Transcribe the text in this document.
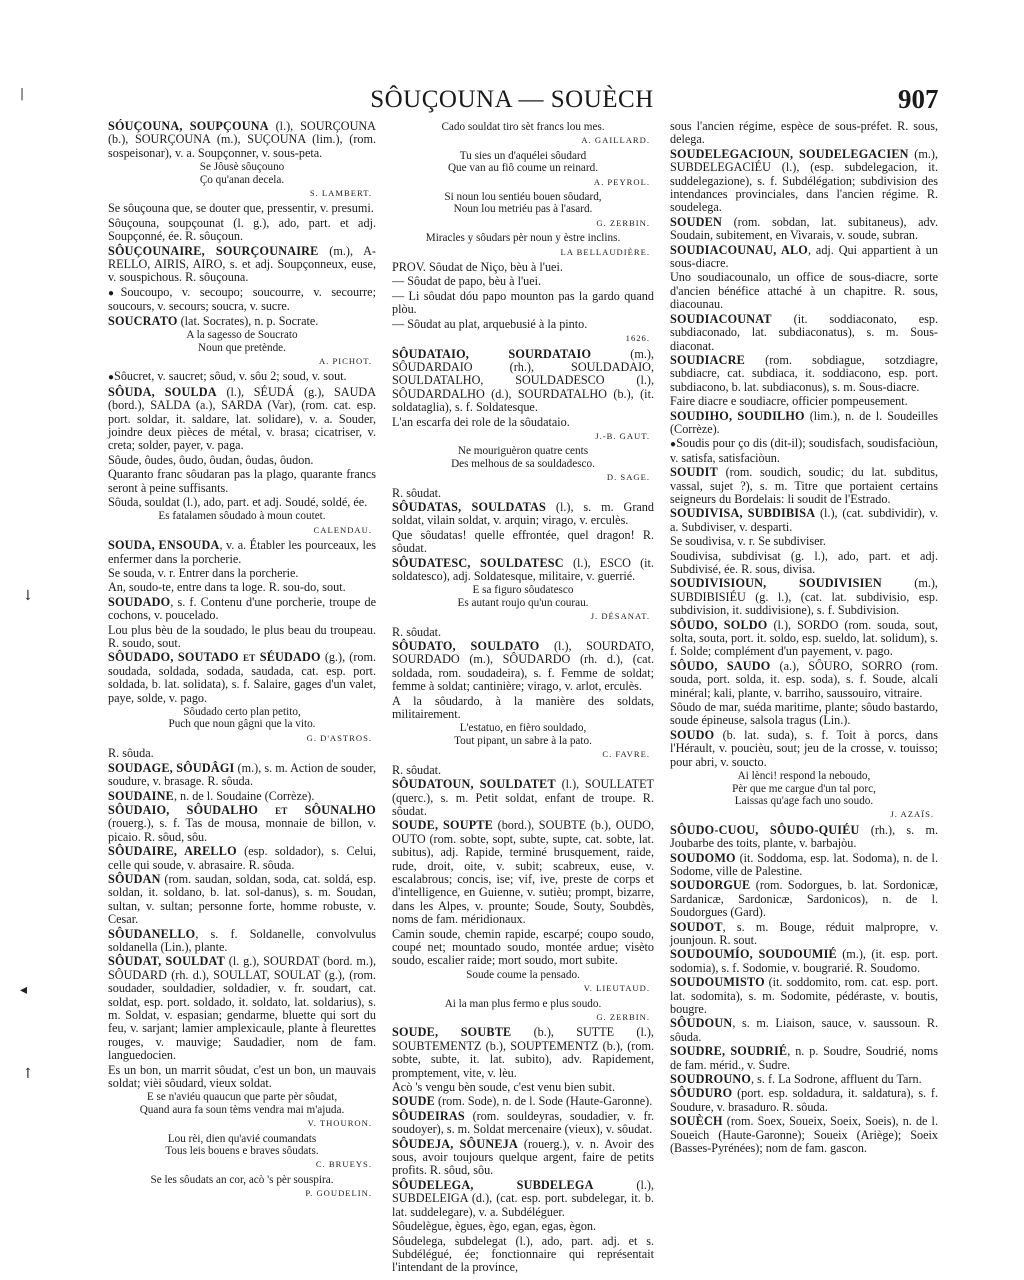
SÔUÇOUNA — SOUÈCH	907
SÓUÇOUNA, SOUPÇOUNA (l.), SOURÇOUNA (b.), SOURÇOUNA (m.), SUÇOUNA (lim.), (rom. sospeisonar), v. a. Soupçonner, v. sous-peta.
Se Jôusè sôuçouno
Ço qu'anan decela.
S. LAMBERT.
Se sôuçouna que, se douter que, pressentir, v. presumi.
Sôuçouna, soupçounat (l. g.), ado, part. et adj. Soupçonné, ée. R. sôuçoun.
SÔUÇOUNAIRE, SOURÇOUNAIRE (m.), A-RELLO, AIRIS, AIRO, s. et adj. Soupçonneux, euse, v. souspichous. R. sôuçouna.
● Soucoupo, v. secoupo; soucourre, v. secourre; soucours, v. secours; soucra, v. sucre.
SOUCRATO (lat. Socrates), n. p. Socrate.
A la sagesso de Soucrato
Noun que pretènde.
A. PICHOT.
● Sôucret, v. saucret; sôud, v. sôu 2; soud, v. sout.
SÔUDA, SOULDA (l.), SÉUDÁ (g.), SAUDA (bord.), SALDA (a.), SARDA (Var), (rom. cat. esp. port. soldar, it. saldare, lat. solidare), v. a. Souder, joindre deux pièces de métal, v. brasa; cicatriser, v. creta; solder, payer, v. paga.
Sôude, ôudes, ôudo, ôudan, ôudas, ôudon.
Quaranto franc sôudaran pas la plago, quarante francs seront à peine suffisants.
Sôuda, souldat (l.), ado, part. et adj. Soudé, soldé, ée.
Es fatalamen sôudado à moun coutet.
CALENDAU.
SOUDA, ENSOUDA, v. a. Établer les pourceaux, les enfermer dans la porcherie.
Se souda, v. r. Entrer dans la porcherie.
An, soudo-te, entre dans ta loge. R. sou-do, sout.
SOUDADO, s. f. Contenu d'une porcherie, troupe de cochons, v. poucelado.
Lou plus bèu de la soudado, le plus beau du troupeau. R. soudo, sout.
SÔUDADO, SOUTADO et SÉUDADO (g.), (rom. soudada, soldada, sodada, saudada, cat. esp. port. soldada, b. lat. solidata), s. f. Salaire, gages d'un valet, paye, solde, v. pago.
Sôudado certo plan petito,
Puch que noun gâgni que la vito.
G. D'ASTROS.
R. sôuda.
SOUDAGE, SÔUDÂGI (m.), s. m. Action de souder, soudure, v. brasage. R. sôuda.
SOUDAINE, n. de l. Soudaine (Corrèze).
SÔUDAIO, SÔUDALHO et SÔUNALHO (rouerg.), s. f. Tas de mousa, monnaie de billon, v. picaio. R. sôud, sôu.
SÔUDAIRE, ARELLO (esp. soldador), s. Celui, celle qui soude, v. abrasaire. R. sôuda.
SÔUDAN (rom. saudan, soldan, soda, cat. soldá, esp. soldan, it. soldano, b. lat. sol-danus), s. m. Soudan, sultan, v. sultan; personne forte, homme robuste, v. Cesar.
SÔUDANELLO, s. f. Soldanelle, convolvulus soldanella (Lin.), plante.
SÔUDAT, SOULDAT (l. g.), SOURDAT (bord. m.), SÔUDARD (rh. d.), SOULLAT, SOULAT (g.), (rom. soudader, souldadier, soldadier, v. fr. soudart, cat. soldat, esp. port. soldado, it. soldato, lat. soldarius), s. m. Soldat, v. espasian; gendarme, bluette qui sort du feu, v. sarjant; lamier amplexicaule, plante à fleurettes rouges, v. mauvige; Saudadier, nom de fam. languedocien.
Es un bon, un marrit sôudat, c'est un bon, un mauvais soldat; vièi sôudard, vieux soldat.
E se n'aviéu quaucun que parte pèr sôudat,
Quand aura fa soun tèms vendra mai m'ajuda.
V. THOURON.
Lou rèi, dien qu'avié coumandats
Tous leis bouens e braves sôudats.
C. BRUEYS.
Se les sôudats an cor, acò 's pèr souspira.
P. GOUDELIN.
Cado souldat tiro sèt francs lou mes.
A. GAILLARD.
Tu sies un d'aquélei sôudard
Que van au fiô coume un reinard.
A. PEYROL.
Si noun lou sentiéu bouen sôudard,
Noun lou metriéu pas à l'asard.
G. ZERBIN.
Miracles y sôudars pèr noun y èstre inclins.
LA BELLAUDIÈRE.
PROV. Sôudat de Niço, bèu à l'uei.
— Sôudat de papo, bèu à l'uei.
— Li sôudat dóu papo mounton pas la gardo quand plòu.
— Sôudat au plat, arquebusié à la pinto.
1626.
SÔUDATAIO, SOURDATAIO (m.), SÔUDARDAIO (rh.), SOULDADAIO, SOULDATALHO, SOULDADESCO (l.), SÔUDARDALHO (d.), SOURDATALHO (b.), (it. soldataglia), s. f. Soldatesque.
L'an escarfa dei role de la sôudataio.
J.-B. GAUT.
Ne mouriguèron quatre cents
Des melhous de sa souldadesco.
D. SAGE.
R. sôudat.
SÔUDATAS, SOULDATAS (l.), s. m. Grand soldat, vilain soldat, v. arquin; virago, v. erculès.
Que sôudatas! quelle effrontée, quel dragon! R. sôudat.
SÔUDATESC, SOULDATESC (l.), ESCO (it. soldatesco), adj. Soldatesque, militaire, v. guerrié.
E sa figuro sôudatesco
Es autant roujo qu'un courau.
J. DÉSANAT.
R. sôudat.
SÔUDATO, SOULDATO (l.), SOURDATO, SOURDADO (m.), SÔUDARDO (rh. d.), (cat. soldada, rom. soudadeira), s. f. Femme de soldat; femme à soldat; cantinière; virago, v. arlot, erculès.
A la sôudardo, à la manière des soldats, militairement.
L'estatuo, en fièro souldado,
Tout pipant, un sabre à la pato.
C. FAVRE.
R. sôudat.
SÔUDATOUN, SOULDATET (l.), SOULLATET (querc.), s. m. Petit soldat, enfant de troupe. R. sôudat.
SOUDE, SOUPTE (bord.), SOUBTE (b.), OUDO, OUTO (rom. sobte, sopt, subte, supte, cat. sobte, lat. subitus), adj. Rapide, terminé brusquement, raide, rude, droit, oite, v. subit; scabreux, euse, v. escalabrous; concis, ise; vif, ive, preste de corps et d'intelligence, en Guienne, v. sutièu; prompt, bizarre, dans les Alpes, v. prounte; Soude, Souty, Soubdès, noms de fam. méridionaux.
Camin soude, chemin rapide, escarpé; coupo soudo, coupé net; mountado soudo, montée ardue; visèto soudo, escalier raide; mort soudo, mort subite.
Soude coume la pensado.
V. LIEUTAUD.
Ai la man plus fermo e plus soudo.
G. ZERBIN.
SOUDE, SOUBTE (b.), SUTTE (l.), SOUBTEMENTZ (b.), SOUPTEMENTZ (b.), (rom. sobte, subte, it. lat. subito), adv. Rapidement, promptement, vite, v. lèu.
Acò 's vengu bèn soude, c'est venu bien subit.
SOUDE (rom. Sode), n. de l. Sode (Haute-Garonne).
SÔUDEIRAS (rom. souldeyras, soudadier, v. fr. soudoyer), s. m. Soldat mercenaire (vieux), v. sôudat.
SÔUDEJA, SÔUNEJA (rouerg.), v. n. Avoir des sous, avoir toujours quelque argent, faire de petits profits. R. sôud, sôu.
SÔUDELEGA, SUBDELEGA (l.), SUBDELEIGA (d.), (cat. esp. port. subdelegar, it. b. lat. suddelegare), v. a. Subdéléguer.
Sôudelègue, ègues, ègo, egan, egas, ègon.
Sôudelega, subdelegat (l.), ado, part. adj. et s. Subdélégué, ée; fonctionnaire qui représentait l'intendant de la province,
sous l'ancien régime, espèce de sous-préfet. R. sous, delega.
SOUDELEGACIOUN, SOUDELEGACIEN (m.), SUBDELEGACIÉU (l.), (esp. subdelegacion, it. suddelegazione), s. f. Subdélégation; subdivision des intendances provinciales, dans l'ancien régime. R. soudelega.
SOUDEN (rom. sobdan, lat. subitaneus), adv. Soudain, subitement, en Vivarais, v. soude, subran.
SOUDIACOUNAU, ALO, adj. Qui appartient à un sous-diacre.
Uno soudiacounalo, un office de sous-diacre, sorte d'ancien bénéfice attaché à un chapitre. R. sous, diacounau.
SOUDIACOUNAT (it. soddiaconato, esp. subdiaconado, lat. subdiaconatus), s. m. Sous-diaconat.
SOUDIACRE (rom. sobdiague, sotzdiagre, subdiacre, cat. subdiaca, it. soddiacono, esp. port. subdiacono, b. lat. subdiaconus), s. m. Sous-diacre.
Faire diacre e soudiacre, officier pompeusement.
SOUDIHO, SOUDILHO (lim.), n. de l. Soudeilles (Corrèze).
● Soudis pour ço dis (dit-il); soudisfach, soudisfaciòun, v. satisfa, satisfaciòun.
SOUDIT (rom. soudich, soudic; du lat. subditus, vassal, sujet ?), s. m. Titre que portaient certains seigneurs du Bordelais: li soudit de l'Estrado.
SOUDIVISA, SUBDIBISA (l.), (cat. subdividir), v. a. Subdiviser, v. desparti.
Se soudivisa, v. r. Se subdiviser.
Soudivisa, subdivisat (g. l.), ado, part. et adj. Subdivisé, ée. R. sous, divisa.
SOUDIVISIOUN, SOUDIVISIEN (m.), SUBDIBISIÉU (g. l.), (cat. lat. subdivisio, esp. subdivision, it. suddivisione), s. f. Subdivision.
SÔUDO, SOLDO (l.), SORDO (rom. souda, sout, solta, souta, port. it. soldo, esp. sueldo, lat. solidum), s. f. Solde; complément d'un payement, v. pago.
SÔUDO, SAUDO (a.), SÔURO, SORRO (rom. souda, port. solda, it. esp. soda), s. f. Soude, alcali minéral; kali, plante, v. barriho, saussouiro, vitraire.
Sôudo de mar, suéda maritime, plante; sôudo bastardo, soude épineuse, salsola tragus (Lin.).
SOUDO (b. lat. suda), s. f. Toit à porcs, dans l'Hérault, v. poucièu, sout; jeu de la crosse, v. touisso; pour abri, v. souсto.
Ai lènci! respond la neboudo,
Pèr que me cargue d'un tal porc,
Laissas qu'age fach uno soudo.
J. AZAÏS.
SÔUDO-CUOU, SÔUDO-QUIÉU (rh.), s. m. Joubarbe des toits, plante, v. barbajòu.
SOUDOMO (it. Soddoma, esp. lat. Sodoma), n. de l. Sodome, ville de Palestine.
SOUDORGUE (rom. Sodorgues, b. lat. Sordonicæ, Sardanicæ, Sardonicæ, Sardonicos), n. de l. Soudorgues (Gard).
SOUDOT, s. m. Bouge, réduit malpropre, v. jounjoun. R. sout.
SOUDOUMÍO, SOUDOUMIÉ (m.), (it. esp. port. sodomia), s. f. Sodomie, v. bougrarié. R. Soudomo.
SOUDOUMISTO (it. soddomito, rom. cat. esp. port. lat. sodomita), s. m. Sodomite, pédéraste, v. boutis, bougre.
SÔUDOUN, s. m. Liaison, sauce, v. saussoun. R. sôuda.
SOUDRE, SOUDRIÉ, n. p. Soudre, Soudrié, noms de fam. mérid., v. Sudre.
SOUDROUNO, s. f. La Sodrone, affluent du Tarn.
SÔUDURO (port. esp. soldadura, it. saldatura), s. f. Soudure, v. brasaduro. R. sôuda.
SOUÈCH (rom. Soex, Soueix, Soeix, Soeis), n. de l. Soueich (Haute-Garonne); Soueix (Ariège); Soeix (Basses-Pyrénées); nom de fam. gascon.
|
↓
◂
↑
